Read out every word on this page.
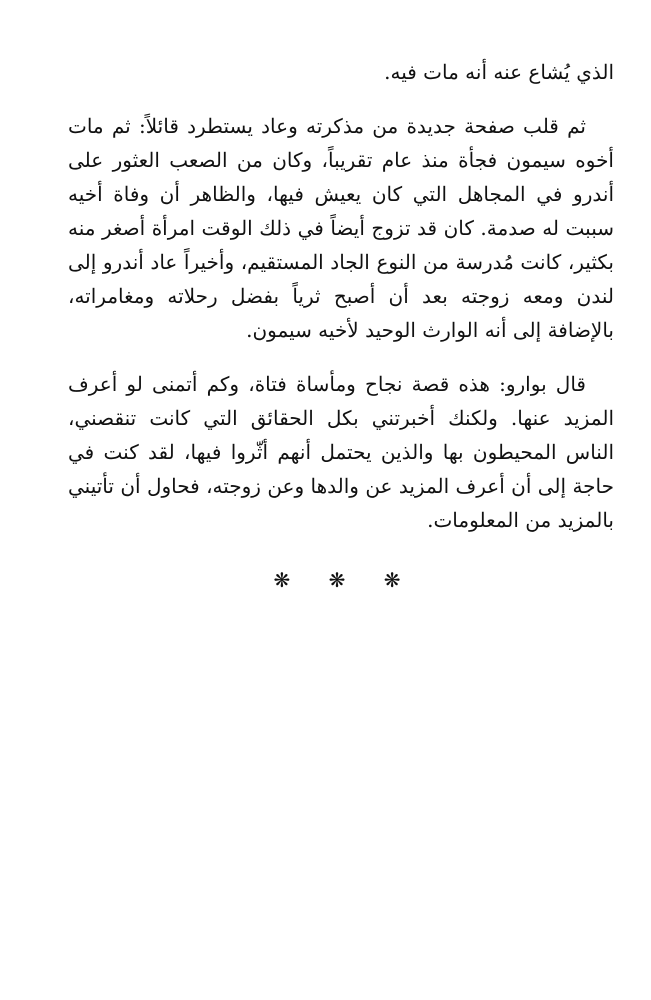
الذي يُشاع عنه أنه مات فيه.

ثم قلب صفحة جديدة من مذكرته وعاد يستطرد قائلاً: ثم مات أخوه سيمون فجأة منذ عام تقريباً، وكان من الصعب العثور على أندرو في المجاهل التي كان يعيش فيها، والظاهر أن وفاة أخيه سببت له صدمة. كان قد تزوج أيضاً في ذلك الوقت امرأة أصغر منه بكثير، كانت مُدرسة من النوع الجاد المستقيم، وأخيراً عاد أندرو إلى لندن ومعه زوجته بعد أن أصبح ثرياً بفضل رحلاته ومغامراته، بالإضافة إلى أنه الوارث الوحيد لأخيه سيمون.

قال بوارو: هذه قصة نجاح ومأساة فتاة، وكم أتمنى لو أعرف المزيد عنها. ولكنك أخبرتني بكل الحقائق التي كانت تنقصني، الناس المحيطون بها والذين يحتمل أنهم أثّروا فيها، لقد كنت في حاجة إلى أن أعرف المزيد عن والدها وعن زوجته، فحاول أن تأتيني بالمزيد من المعلومات.

❋ ❋ ❋
